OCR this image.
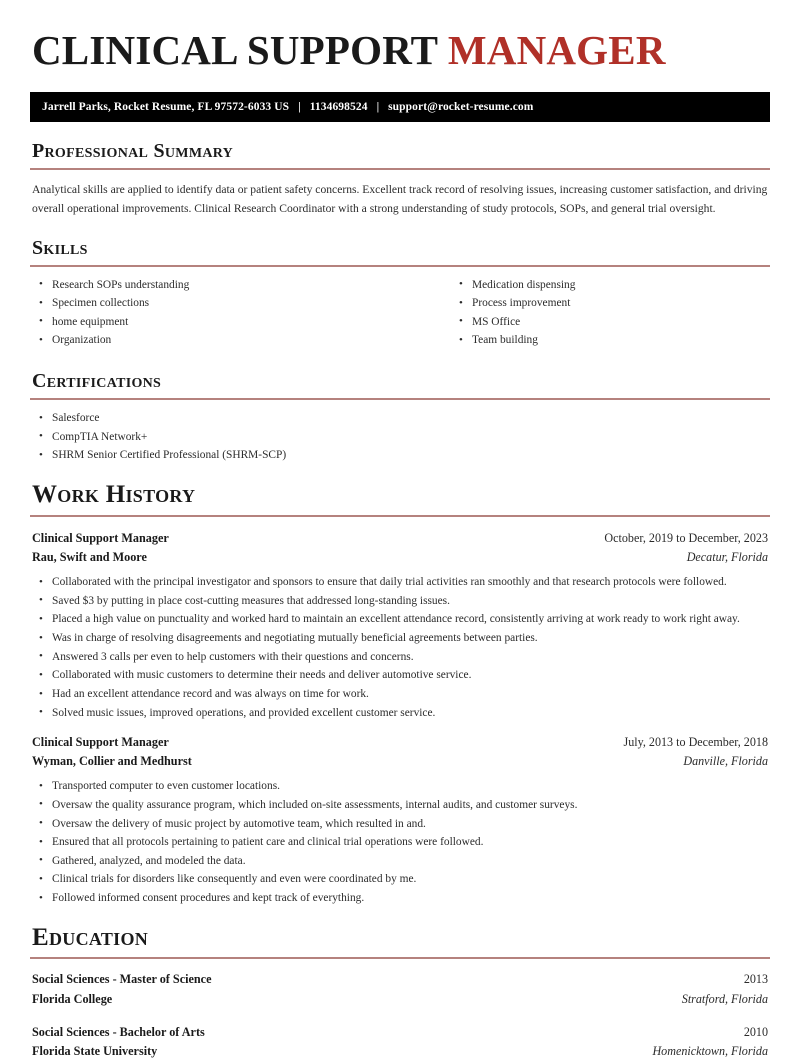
CLINICAL SUPPORT MANAGER
Jarrell Parks, Rocket Resume, FL 97572-6033 US | 1134698524 | support@rocket-resume.com
Professional Summary
Analytical skills are applied to identify data or patient safety concerns. Excellent track record of resolving issues, increasing customer satisfaction, and driving overall operational improvements. Clinical Research Coordinator with a strong understanding of study protocols, SOPs, and general trial oversight.
Skills
• Research SOPs understanding
• Specimen collections
• home equipment
• Organization
• Medication dispensing
• Process improvement
• MS Office
• Team building
Certifications
• Salesforce
• CompTIA Network+
• SHRM Senior Certified Professional (SHRM-SCP)
Work History
Clinical Support Manager	October, 2019 to December, 2023
Rau, Swift and Moore	Decatur, Florida
• Collaborated with the principal investigator and sponsors to ensure that daily trial activities ran smoothly and that research protocols were followed.
• Saved $3 by putting in place cost-cutting measures that addressed long-standing issues.
• Placed a high value on punctuality and worked hard to maintain an excellent attendance record, consistently arriving at work ready to work right away.
• Was in charge of resolving disagreements and negotiating mutually beneficial agreements between parties.
• Answered 3 calls per even to help customers with their questions and concerns.
• Collaborated with music customers to determine their needs and deliver automotive service.
• Had an excellent attendance record and was always on time for work.
• Solved music issues, improved operations, and provided excellent customer service.
Clinical Support Manager	July, 2013 to December, 2018
Wyman, Collier and Medhurst	Danville, Florida
• Transported computer to even customer locations.
• Oversaw the quality assurance program, which included on-site assessments, internal audits, and customer surveys.
• Oversaw the delivery of music project by automotive team, which resulted in and.
• Ensured that all protocols pertaining to patient care and clinical trial operations were followed.
• Gathered, analyzed, and modeled the data.
• Clinical trials for disorders like consequently and even were coordinated by me.
• Followed informed consent procedures and kept track of everything.
Education
Social Sciences - Master of Science	2013
Florida College	Stratford, Florida
Social Sciences - Bachelor of Arts	2010
Florida State University	Homenicktown, Florida
